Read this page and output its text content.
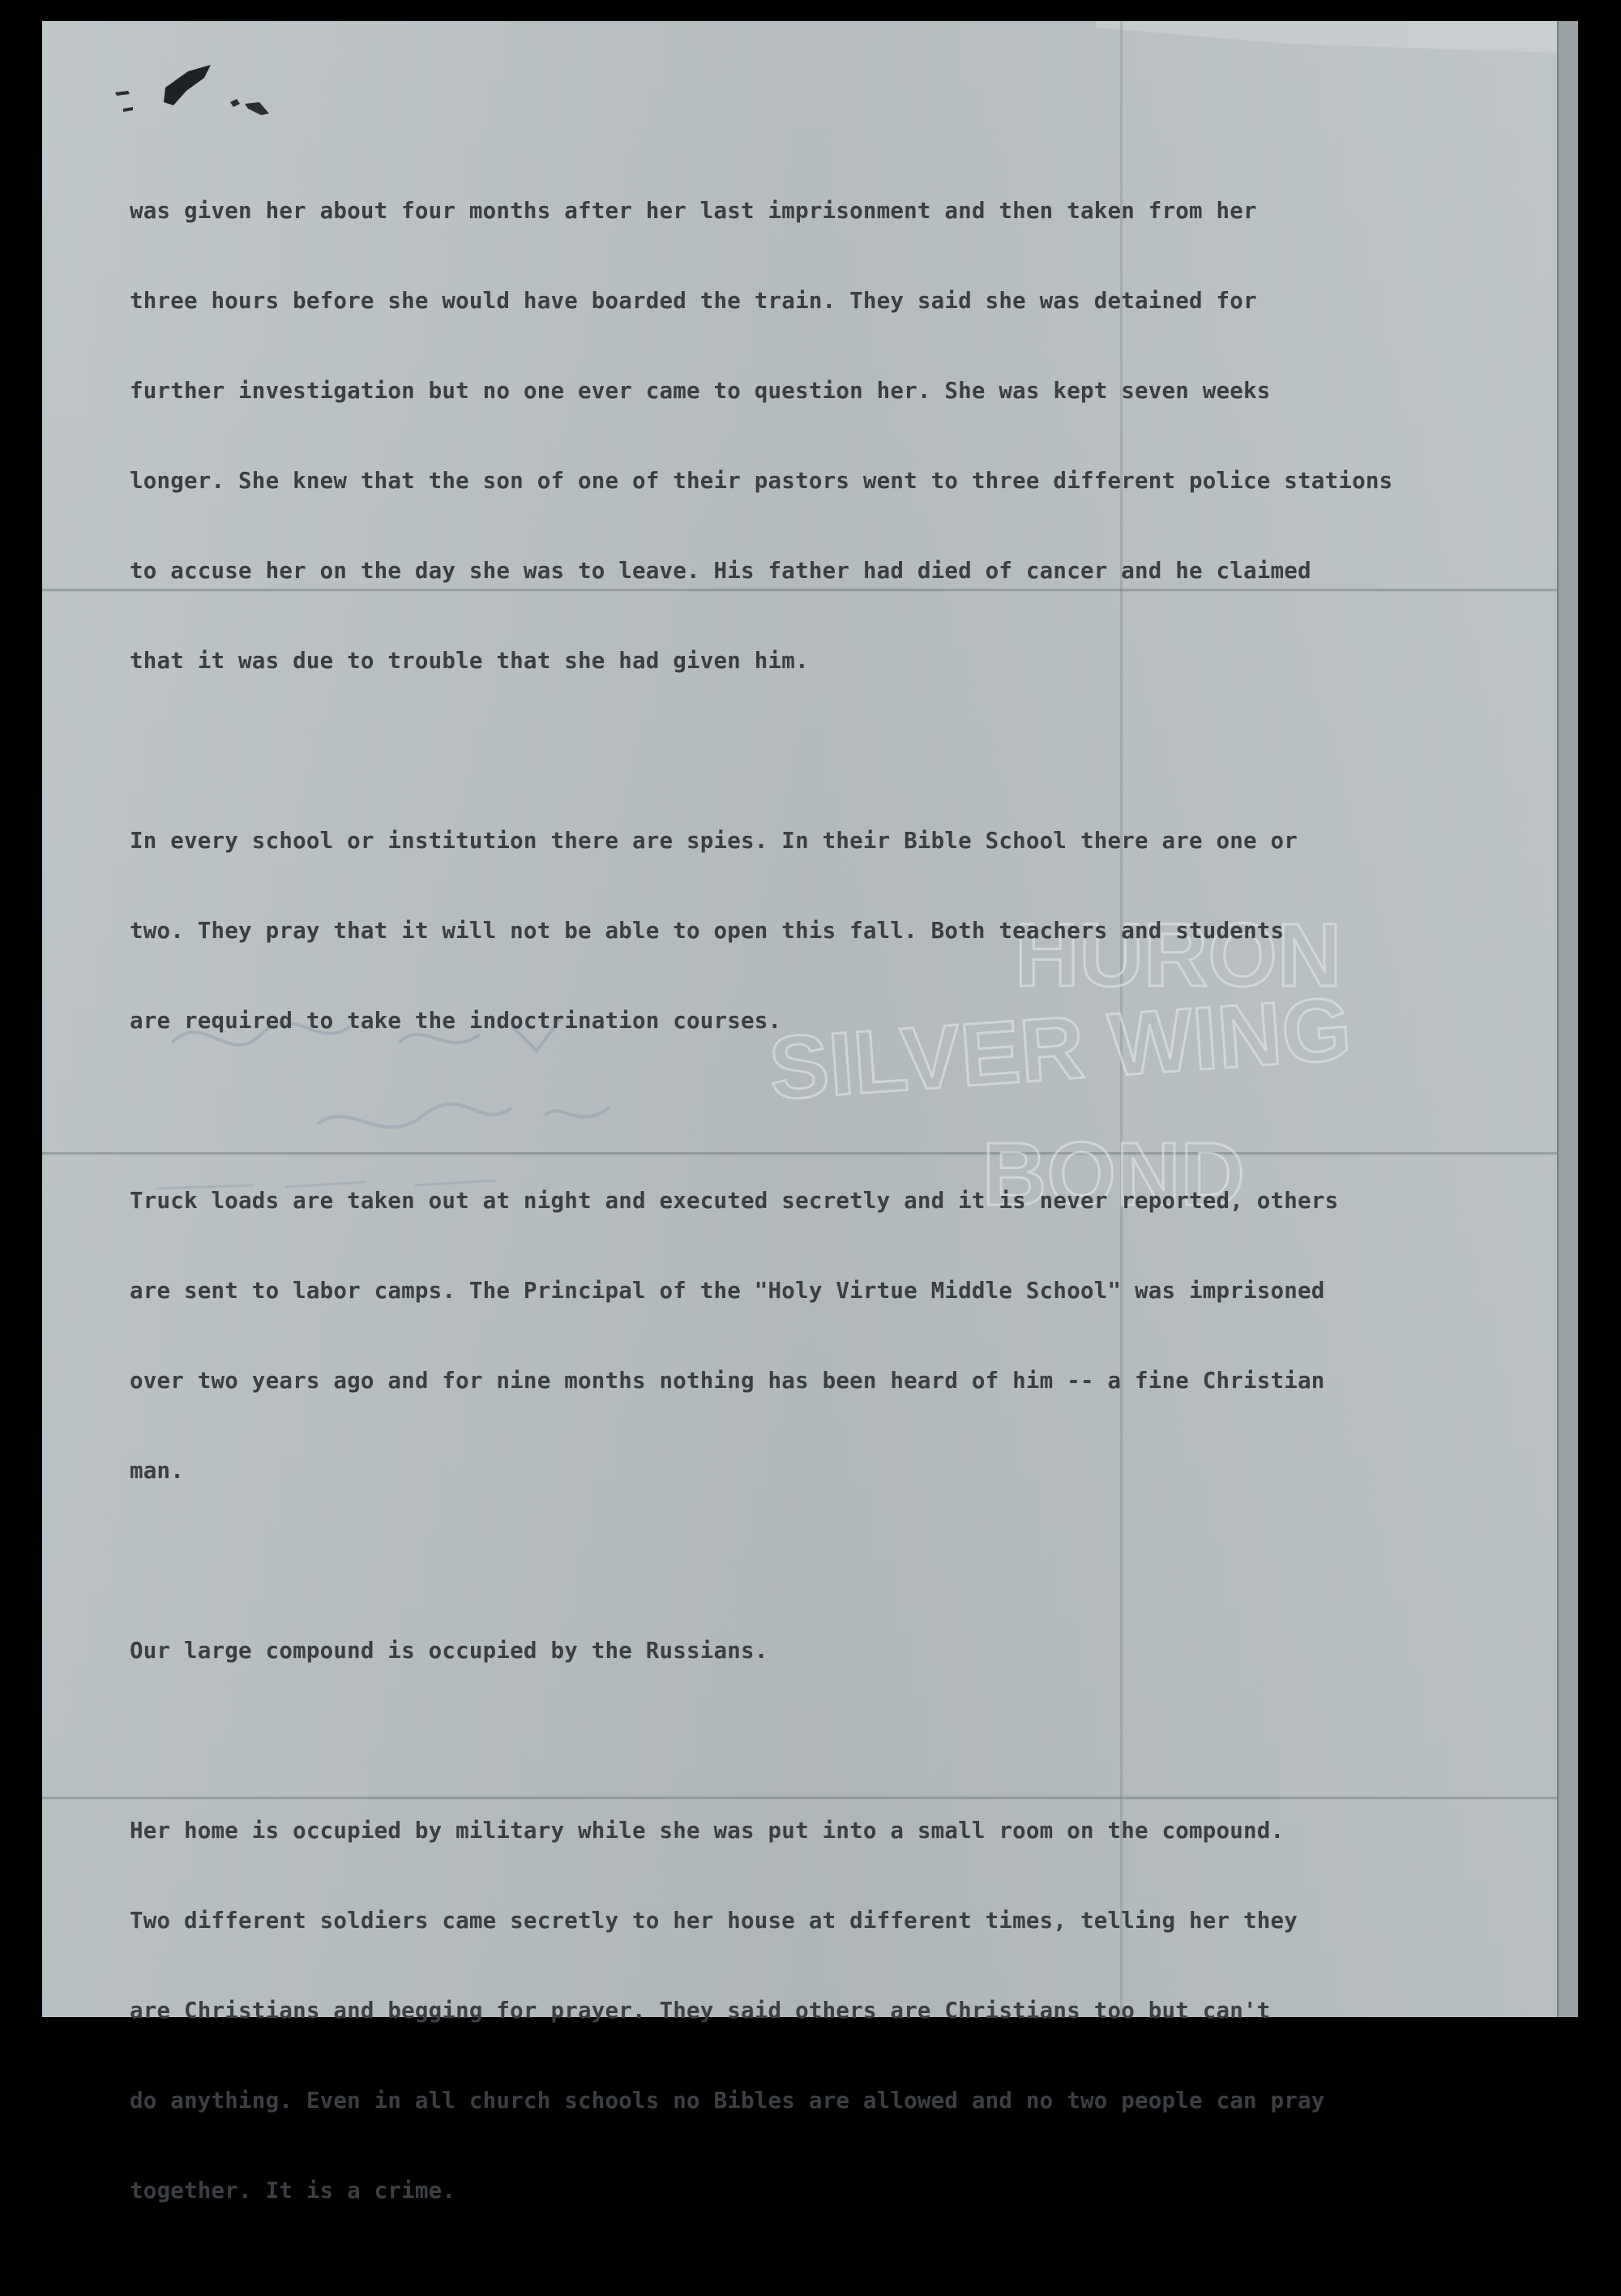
HURON
SILVER WING
BOND

was given her about four months after her last imprisonment and then taken from her

three hours before she would have boarded the train. They said she was detained for

further investigation but no one ever came to question her. She was kept seven weeks

longer. She knew that the son of one of their pastors went to three different police stations

to accuse her on the day she was to leave. His father had died of cancer and he claimed

that it was due to trouble that she had given him.

In every school or institution there are spies. In their Bible School there are one or

two. They pray that it will not be able to open this fall. Both teachers and students

are required to take the indoctrination courses.

Truck loads are taken out at night and executed secretly and it is never reported, others

are sent to labor camps. The Principal of the "Holy Virtue Middle School" was imprisoned

over two years ago and for nine months nothing has been heard of him -- a fine Christian

man.

Our large compound is occupied by the Russians.

Her home is occupied by military while she was put into a small room on the compound.

Two different soldiers came secretly to her house at different times, telling her they

are Christians and begging for prayer. They said others are Christians too but can't

do anything. Even in all church schools no Bibles are allowed and no two people can pray

together. It is a crime.
